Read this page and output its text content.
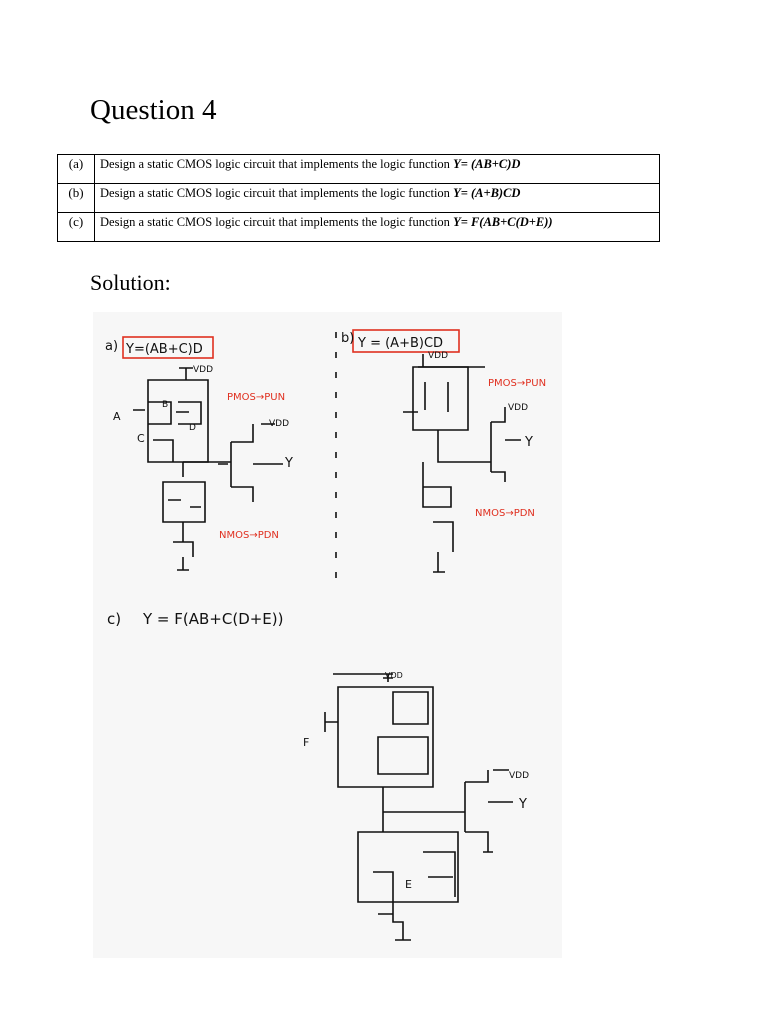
Question 4
(a)	Design a static CMOS logic circuit that implements the logic function Y= (AB+C)D
(b)	Design a static CMOS logic circuit that implements the logic function Y= (A+B)CD
(c)	Design a static CMOS logic circuit that implements the logic function Y= F(AB+C(D+E))
Solution:
a) Y=(AB+C)D
VDD
PMOS→PUN
VDD
Y
NMOS→PDN
A
B
C
D
b) Y = (A+B)CD
VDD
PMOS→PUN
VDD
Y
NMOS→PDN
c) Y = F(AB+C(D+E))
VDD
VDD
Y
F
E
